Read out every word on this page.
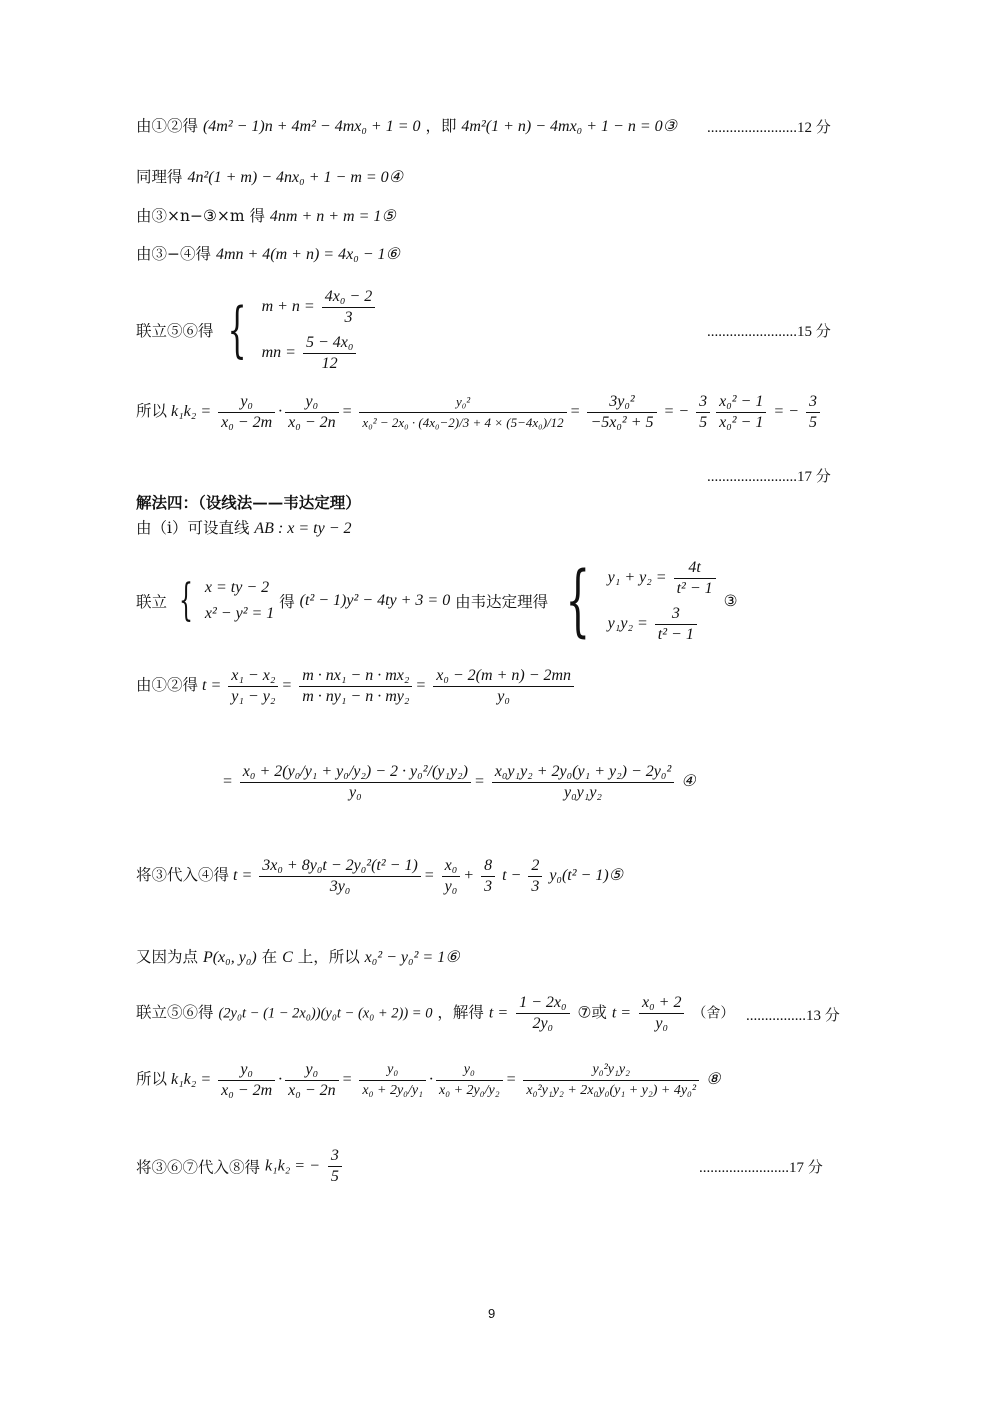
由①②得 (4m² − 1)n + 4m² − 4mx₀ + 1 = 0 ，即 4m²(1 + n) − 4mx₀ + 1 − n = 0③ ........................12 分
同理得 4n²(1 + m) − 4nx₀ + 1 − m = 0④
由③×n−③×m 得 4nm + n + m = 1⑤
由③−④得 4mn + 4(m + n) = 4x₀ − 1⑥
联立⑤⑥得 { $m + n = \frac{\text{4x₀ − 2}}{3}$
mn = $\frac{\text{5 − 4x₀}}{12}$
........................15 分
所以 $k_1k_2 = \frac{\text{y₀}}{\text{x₀ − 2m}} \cdot \frac{\text{y₀}}{\text{x₀ − 2n}} = \frac{\text{y₀²}}{\text{x₀² − 2x₀ · (4x₀−2)/3 + 4 × (5−4x₀)/12}} = \frac{\text{3y₀²}}{\text{−5x₀² + 5}}$ = − $\frac{3}{5} \frac{\text{x₀² − 1}}{\text{x₀² − 1}}$ = − $\frac{3}{5}$
........................17 分
解法四：（设线法——韦达定理）
由（i）可设直线 AB : x = ty − 2
联立 { x = ty − 2
x² − y² = 1
得 (t² − 1)y² − 4ty + 3 = 0 由韦达定理得 { $y_1 + y_2 = \frac{4t}{\text{t² − 1}}$
$y_1y_2 = \frac{3}{\text{t² − 1}}$
③
由①②得 $t = \frac{\text{x₁ − x₂}}{\text{y₁ − y₂}} = \frac{\text{m · nx₁ − n · mx₂}}{\text{m · ny₁ − n · my₂}} = \frac{\text{x₀ − 2(m + n) − 2mn}}{\text{y₀}}$
= $\frac{\text{x₀ + 2(y₀/y₁ + y₀/y₂) − 2 · y₀²/(y₁y₂)}}{\text{y₀}} = \frac{\text{x₀y₁y₂ + 2y₀(y₁ + y₂) − 2y₀²}}{\text{y₀y₁y₂}}$ ④
将③代入④得 $t = \frac{\text{3x₀ + 8y₀t − 2y₀²(t² − 1)}}{\text{3y₀}} = \frac{\text{x₀}}{\text{y₀}} + \frac{8}{3}$ $t - \frac{2}{3} y_0(t^2$ − 1)⑤
又因为点 P(x₀, y₀) 在 C 上，所以 x₀² − y₀² = 1⑥
联立⑤⑥得 (2y₀t − (1 − 2x₀))(y₀t − (x₀ + 2)) = 0 ，解得 $t = \frac{\text{1 − 2x₀}}{\text{2y₀}}$ ⑦或 $t = \frac{\text{x₀ + 2}}{\text{y₀}}$ （舍） ................13 分
所以 $k_1k_2 = \frac{\text{y₀}}{\text{x₀ − 2m}} \cdot \frac{\text{y₀}}{\text{x₀ − 2n}} = \frac{\text{y₀}}{\text{x₀ + 2y₀/y₁}} \cdot \frac{\text{y₀}}{\text{x₀ + 2y₀/y₂}} = \frac{\text{y₀²y₁y₂}}{\text{x₀²y₁y₂ + 2x₀y₀(y₁ + y₂) + 4y₀²}}$ ⑧
将③⑥⑦代入⑧得 k₁k₂ = − $\frac{3}{5}$	........................17 分
9
